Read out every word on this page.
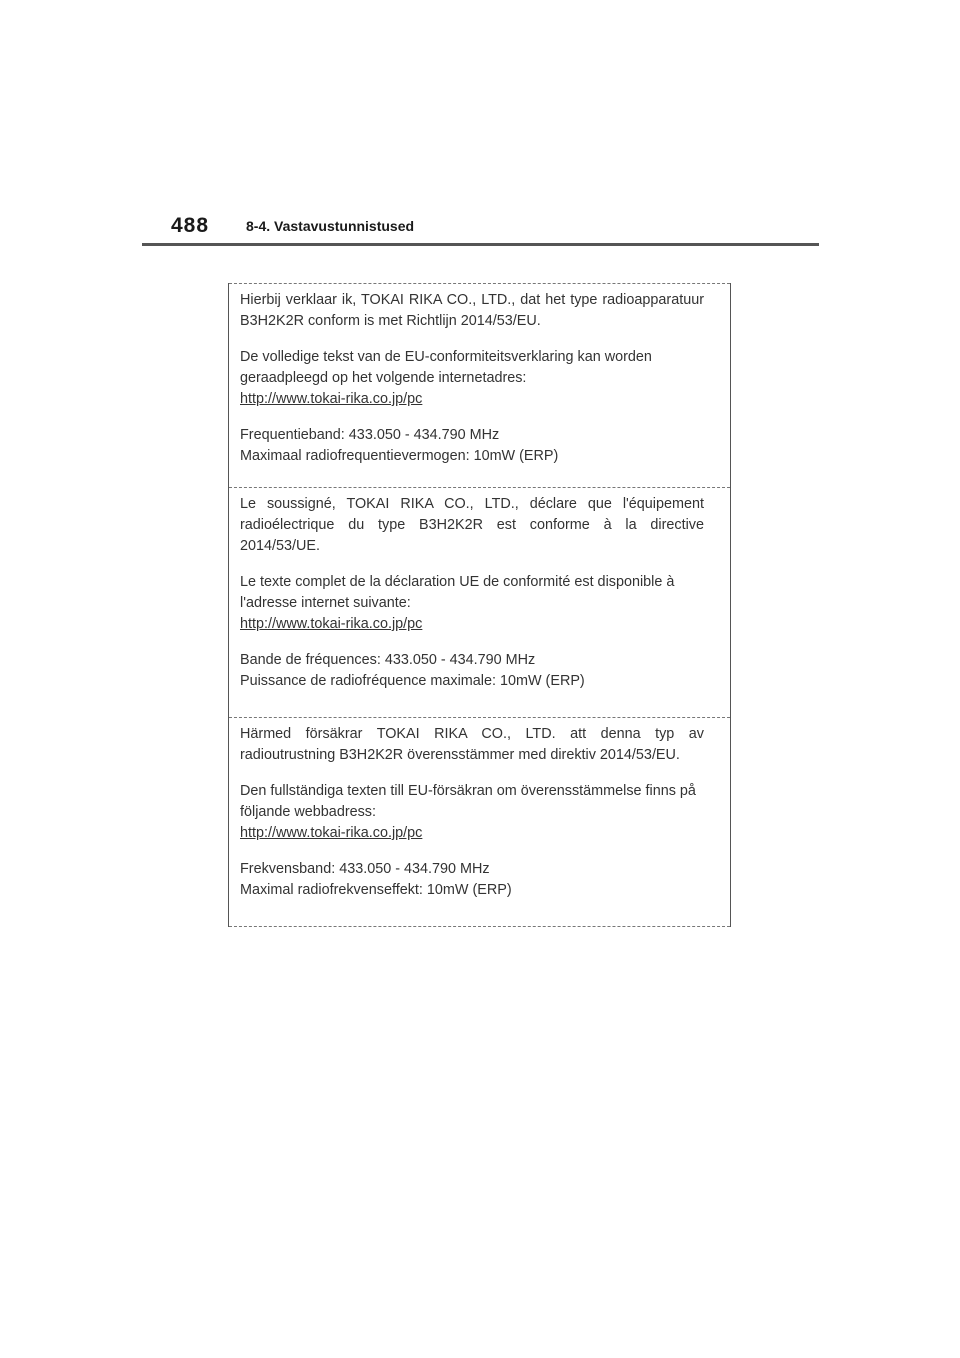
488	8-4. Vastavustunnistused

Hierbij verklaar ik, TOKAI RIKA CO., LTD., dat het type radioapparatuur B3H2K2R conform is met Richtlijn 2014/53/EU.

De volledige tekst van de EU-conformiteitsverklaring kan worden geraadpleegd op het volgende internetadres:
http://www.tokai-rika.co.jp/pc

Frequentieband: 433.050 - 434.790 MHz
Maximaal radiofrequentievermogen: 10mW (ERP)

Le soussigné, TOKAI RIKA CO., LTD., déclare que l'équipement radioélectrique du type B3H2K2R est conforme à la directive 2014/53/UE.

Le texte complet de la déclaration UE de conformité est disponible à l'adresse internet suivante:
http://www.tokai-rika.co.jp/pc

Bande de fréquences: 433.050 - 434.790 MHz
Puissance de radiofréquence maximale: 10mW (ERP)

Härmed försäkrar TOKAI RIKA CO., LTD. att denna typ av radioutrustning B3H2K2R överensstämmer med direktiv 2014/53/EU.

Den fullständiga texten till EU-försäkran om överensstämmelse finns på följande webbadress:
http://www.tokai-rika.co.jp/pc

Frekvensband: 433.050 - 434.790 MHz
Maximal radiofrekvenseffekt: 10mW (ERP)
